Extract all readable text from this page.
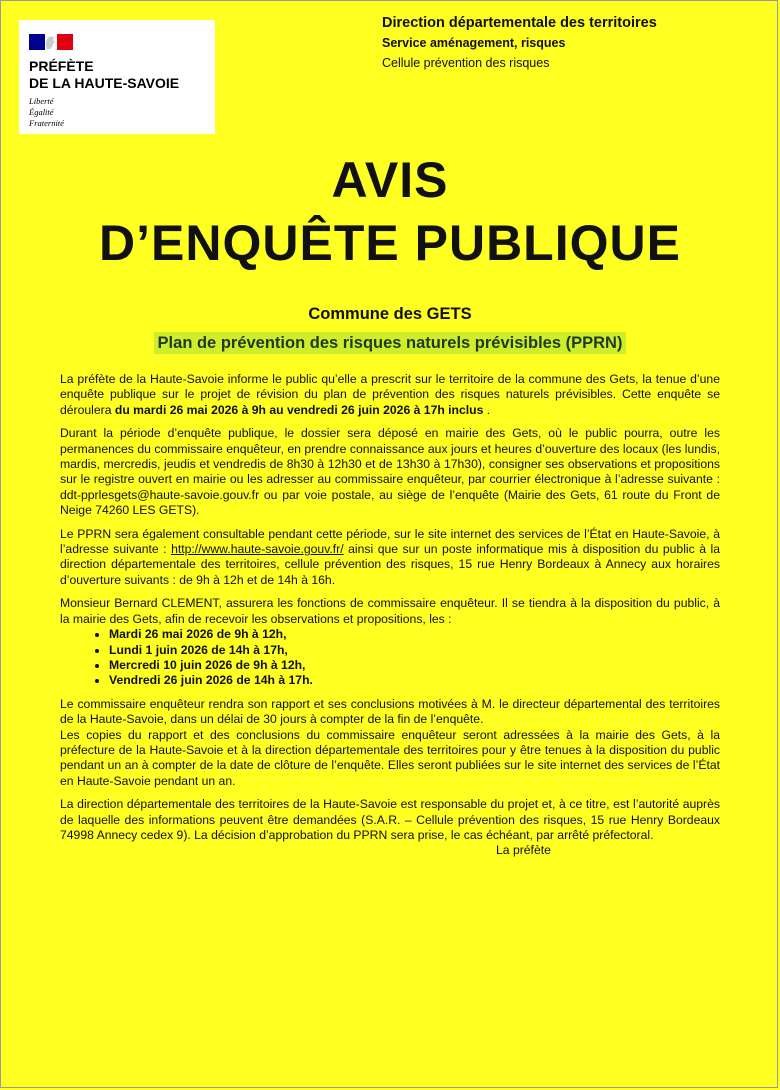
PRÉFÈTE
DE LA HAUTE-SAVOIE
Liberté
Égalité
Fraternité
Direction départementale des territoires
Service aménagement, risques
Cellule prévention des risques
AVIS
D’ENQUÊTE PUBLIQUE
Commune des GETS
Plan de prévention des risques naturels prévisibles (PPRN)

La préfète de la Haute-Savoie informe le public qu’elle a prescrit sur le territoire de la commune des Gets, la tenue d’une enquête publique sur le projet de révision du plan de prévention des risques naturels prévisibles. Cette enquête se déroulera du mardi 26 mai 2026 à 9h au vendredi 26 juin 2026 à 17h inclus .

Durant la période d’enquête publique, le dossier sera déposé en mairie des Gets, où le public pourra, outre les permanences du commissaire enquêteur, en prendre connaissance aux jours et heures d’ouverture des locaux (les lundis, mardis, mercredis, jeudis et vendredis de 8h30 à 12h30 et de 13h30 à 17h30), consigner ses observations et propositions sur le registre ouvert en mairie ou les adresser au commissaire enquêteur, par courrier électronique à l’adresse suivante : ddt-pprlesgets@haute-savoie.gouv.fr ou par voie postale, au siège de l’enquête (Mairie des Gets, 61 route du Front de Neige 74260 LES GETS).

Le PPRN sera également consultable pendant cette période, sur le site internet des services de l’État en Haute-Savoie, à l’adresse suivante : http://www.haute-savoie.gouv.fr/ ainsi que sur un poste informatique mis à disposition du public à la direction départementale des territoires, cellule prévention des risques, 15 rue Henry Bordeaux à Annecy aux horaires d’ouverture suivants : de 9h à 12h et de 14h à 16h.

Monsieur Bernard CLEMENT, assurera les fonctions de commissaire enquêteur. Il se tiendra à la disposition du public, à la mairie des Gets, afin de recevoir les observations et propositions, les :

• Mardi 26 mai 2026 de 9h à 12h,
• Lundi 1 juin 2026 de 14h à 17h,
• Mercredi 10 juin 2026 de 9h à 12h,
• Vendredi 26 juin 2026 de 14h à 17h.

Le commissaire enquêteur rendra son rapport et ses conclusions motivées à M. le directeur départemental des territoires de la Haute-Savoie, dans un délai de 30 jours à compter de la fin de l’enquête.

Les copies du rapport et des conclusions du commissaire enquêteur seront adressées à la mairie des Gets, à la préfecture de la Haute-Savoie et à la direction départementale des territoires pour y être tenues à la disposition du public pendant un an à compter de la date de clôture de l’enquête. Elles seront publiées sur le site internet des services de l’État en Haute-Savoie pendant un an.

La direction départementale des territoires de la Haute-Savoie est responsable du projet et, à ce titre, est l’autorité auprès de laquelle des informations peuvent être demandées (S.A.R. – Cellule prévention des risques, 15 rue Henry Bordeaux 74998 Annecy cedex 9). La décision d’approbation du PPRN sera prise, le cas échéant, par arrêté préfectoral.

La préfète
